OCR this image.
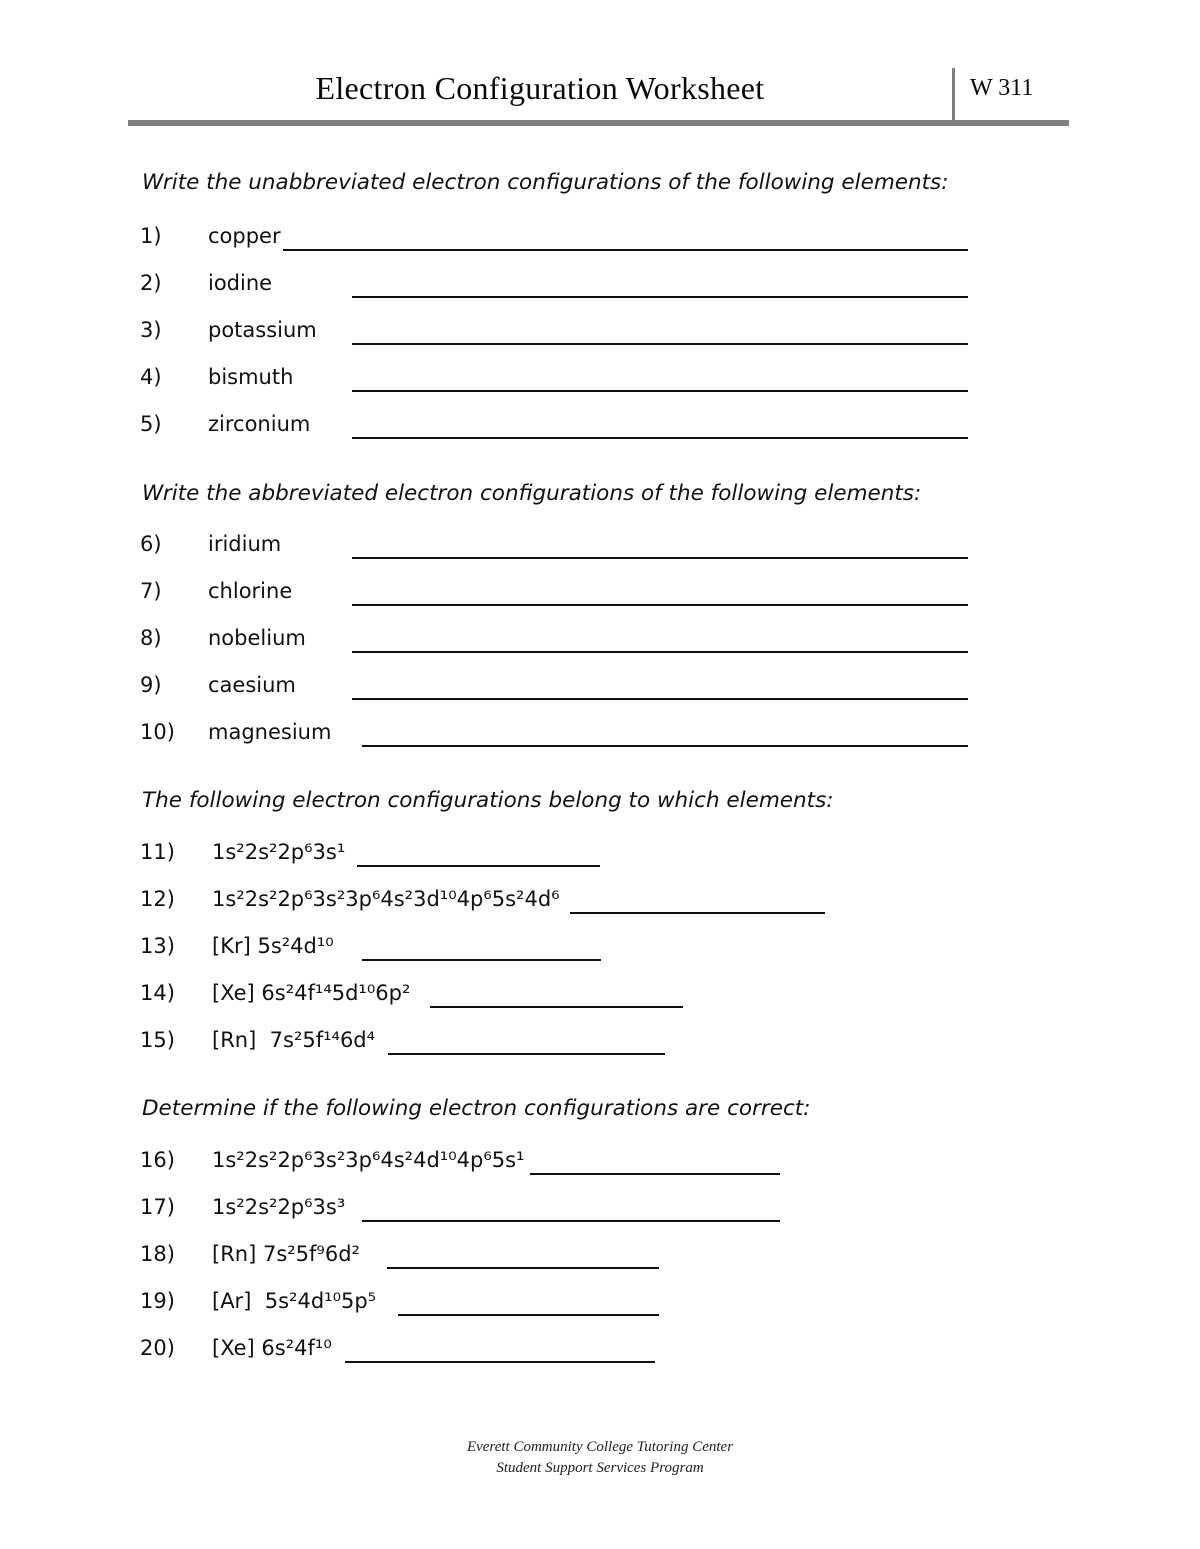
Electron Configuration Worksheet	W 311
Write the unabbreviated electron configurations of the following elements:
1)	copper
2)	iodine
3)	potassium
4)	bismuth
5)	zirconium
Write the abbreviated electron configurations of the following elements:
6)	iridium
7)	chlorine
8)	nobelium
9)	caesium
10)	magnesium
The following electron configurations belong to which elements:
11)	1s²2s²2p⁶3s¹
12)	1s²2s²2p⁶3s²3p⁶4s²3d¹⁰4p⁶5s²4d⁶
13)	[Kr] 5s²4d¹⁰
14)	[Xe] 6s²4f¹⁴5d¹⁰6p²
15)	[Rn]  7s²5f¹⁴6d⁴
Determine if the following electron configurations are correct:
16)	1s²2s²2p⁶3s²3p⁶4s²4d¹⁰4p⁶5s¹
17)	1s²2s²2p⁶3s³
18)	[Rn] 7s²5f⁹6d²
19)	[Ar]  5s²4d¹⁰5p⁵
20)	[Xe] 6s²4f¹⁰
Everett Community College Tutoring Center
Student Support Services Program
